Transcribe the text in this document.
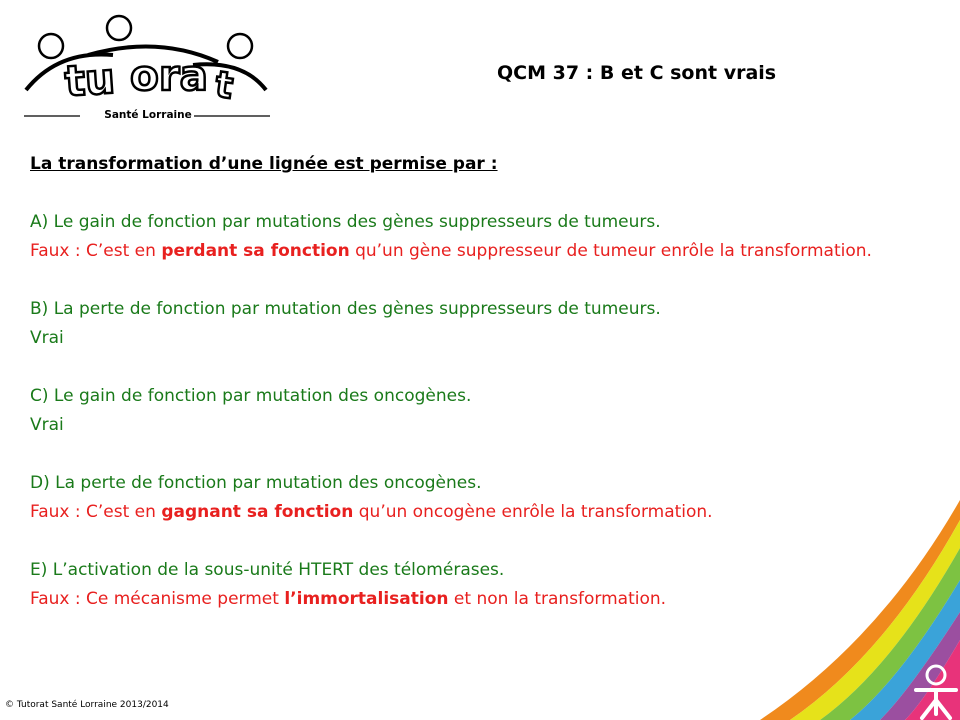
tu ora t
Santé Lorraine
QCM 37 : B et C sont vrais

La transformation d’une lignée est permise par :

A) Le gain de fonction par mutations des gènes suppresseurs de tumeurs.
Faux : C’est en perdant sa fonction qu’un gène suppresseur de tumeur enrôle la transformation.
B) La perte de fonction par mutation des gènes suppresseurs de tumeurs.
Vrai
C) Le gain de fonction par mutation des oncogènes.
Vrai
D) La perte de fonction par mutation des oncogènes.
Faux : C’est en gagnant sa fonction qu’un oncogène enrôle la transformation.
E) L’activation de la sous-unité HTERT des télomérases.
Faux : Ce mécanisme permet l’immortalisation et non la transformation.
© Tutorat Santé Lorraine 2013/2014
